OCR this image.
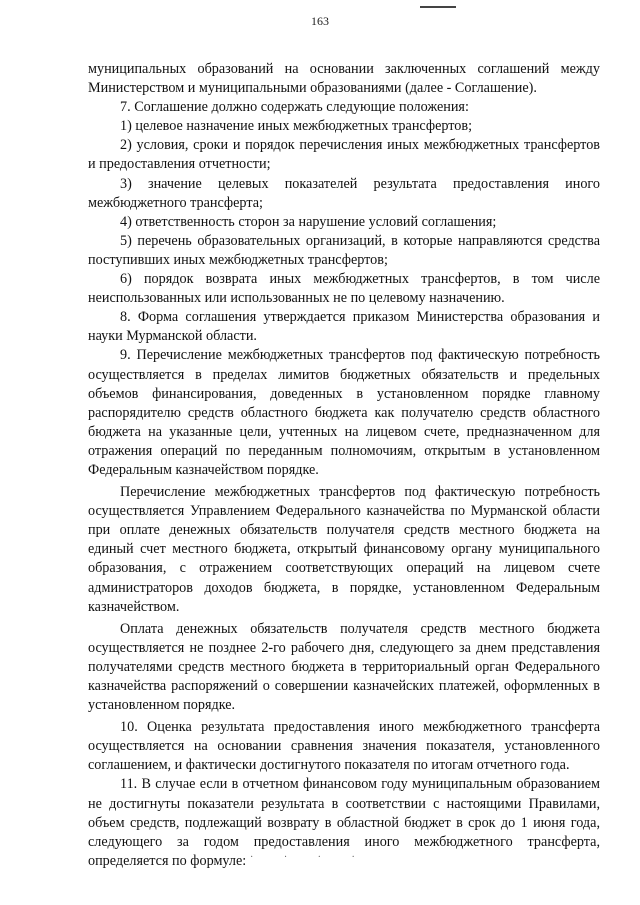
163

муниципальных образований на основании заключенных соглашений между Министерством и муниципальными образованиями (далее - Соглашение).

7. Соглашение должно содержать следующие положения:

1) целевое назначение иных межбюджетных трансфертов;

2) условия, сроки и порядок перечисления иных межбюджетных трансфертов и предоставления отчетности;

3) значение целевых показателей результата предоставления иного межбюджетного трансферта;

4) ответственность сторон за нарушение условий соглашения;

5) перечень образовательных организаций, в которые направляются средства поступивших иных межбюджетных трансфертов;

6) порядок возврата иных межбюджетных трансфертов, в том числе неиспользованных или использованных не по целевому назначению.

8. Форма соглашения утверждается приказом Министерства образования и науки Мурманской области.

9. Перечисление межбюджетных трансфертов под фактическую потребность осуществляется в пределах лимитов бюджетных обязательств и предельных объемов финансирования, доведенных в установленном порядке главному распорядителю средств областного бюджета как получателю средств областного бюджета на указанные цели, учтенных на лицевом счете, предназначенном для отражения операций по переданным полномочиям, открытым в установленном Федеральным казначейством порядке.

Перечисление межбюджетных трансфертов под фактическую потребность осуществляется Управлением Федерального казначейства по Мурманской области при оплате денежных обязательств получателя средств местного бюджета на единый счет местного бюджета, открытый финансовому органу муниципального образования, с отражением соответствующих операций на лицевом счете администраторов доходов бюджета, в порядке, установленном Федеральным казначейством.

Оплата денежных обязательств получателя средств местного бюджета осуществляется не позднее 2-го рабочего дня, следующего за днем представления получателями средств местного бюджета в территориальный орган Федерального казначейства распоряжений о совершении казначейских платежей, оформленных в установленном порядке.

10. Оценка результата предоставления иного межбюджетного трансферта осуществляется на основании сравнения значения показателя, установленного соглашением, и фактически достигнутого показателя по итогам отчетного года.

11. В случае если в отчетном финансовом году муниципальным образованием не достигнуты показатели результата в соответствии с настоящими Правилами, объем средств, подлежащий возврату в областной бюджет в срок до 1 июня года, следующего за годом предоставления иного межбюджетного трансферта, определяется по формуле: · · · ·
